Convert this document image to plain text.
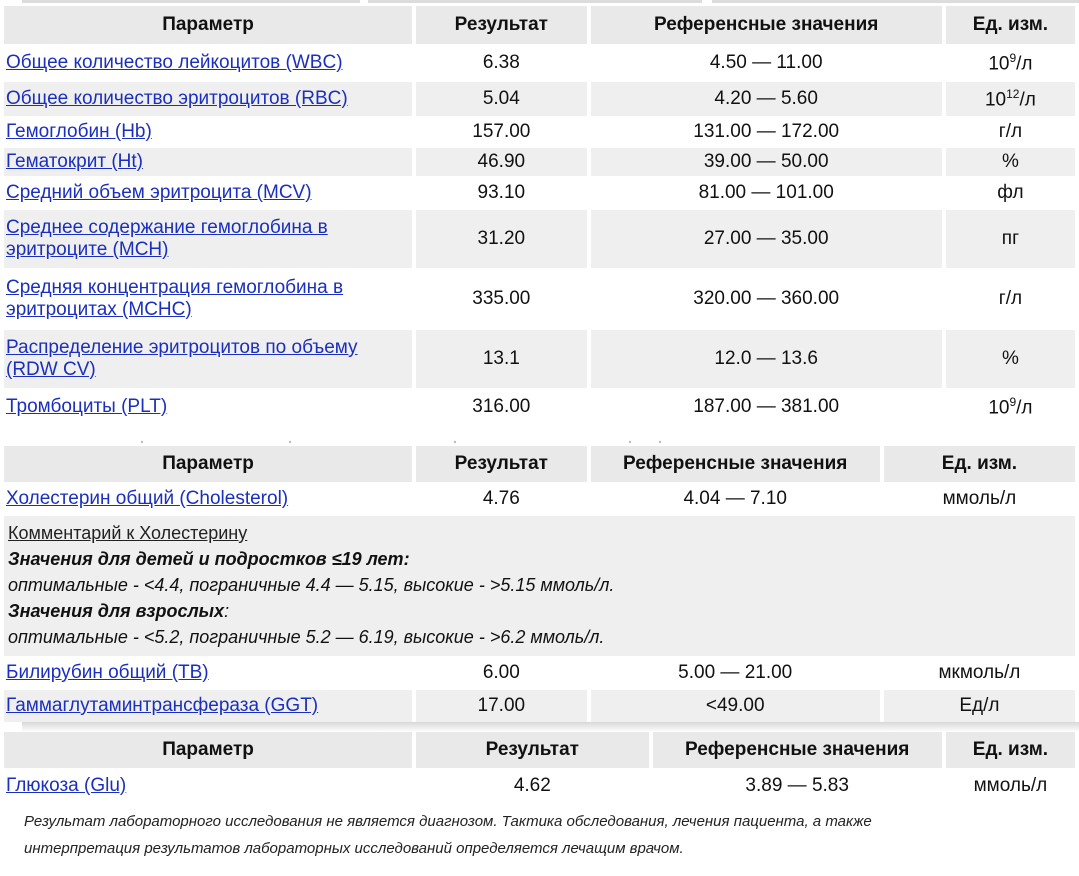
Параметр	Результат	Референсные значения	Ед. изм.
Общее количество лейкоцитов (WBC)	6.38	4.50 — 11.00	$10^9/л$
Общее количество эритроцитов (RBC)	5.04	4.20 — 5.60	$10^{12}/л$
Гемоглобин (Hb)	157.00	131.00 — 172.00	г/л
Гематокрит (Ht)	46.90	39.00 — 50.00	%
Средний объем эритроцита (MCV)	93.10	81.00 — 101.00	фл
Среднее содержание гемоглобина в эритроците (MCH)	31.20	27.00 — 35.00	пг
Средняя концентрация гемоглобина в эритроцитах (MCHC)	335.00	320.00 — 360.00	г/л
Распределение эритроцитов по объему (RDW CV)	13.1	12.0 — 13.6	%
Тромбоциты (PLT)	316.00	187.00 — 381.00	$10^9/л$
Параметр	Результат	Референсные значения	Ед. изм.
Холестерин общий (Cholesterol)	4.76	4.04 — 7.10	ммоль/л

Комментарий к Холестерину
Значения для детей и подростков ≤19 лет:
оптимальные - <4.4, пограничные 4.4 — 5.15, высокие - >5.15 ммоль/л.
Значения для взрослых:
оптимальные - <5.2, пограничные 5.2 — 6.19, высокие - >6.2 ммоль/л.			

Билирубин общий (TB)	6.00	5.00 — 21.00	мкмоль/л
Гаммаглутаминтрансфераза (GGT)	17.00	<49.00	Ед/л
Параметр	Результат	Референсные значения	Ед. изм.
Глюкоза (Glu)	4.62	3.89 — 5.83	ммоль/л
Результат лабораторного исследования не является диагнозом. Тактика обследования, лечения пациента, а также
интерпретация результатов лабораторных исследований определяется лечащим врачом.
